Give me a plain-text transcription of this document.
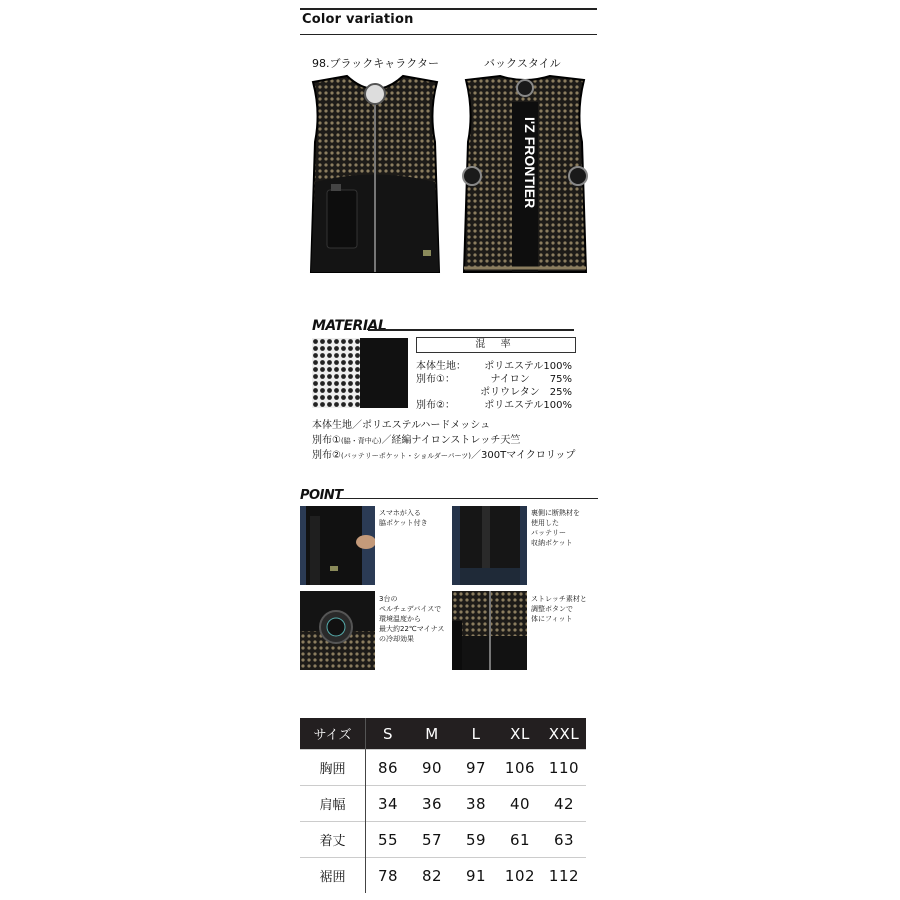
Color variation
98.ブラックキャラクター	バックスタイル
I'Z FRONTIER
MATERIAL
混 率
本体生地：	ポリエステル100%
別布①：	ナイロン　　75%
ポリウレタン　25%
別布②：	ポリエステル100%
本体生地／ポリエステルハードメッシュ
別布①(脇・背中心)／経編ナイロンストレッチ天竺
別布②(バッテリーポケット・ショルダーパーツ)／300Tマイクロリップ
POINT
スマホが入る
脇ポケット付き
裏側に断熱材を
使用した
バッテリー
収納ポケット
3台の
ペルチェデバイスで
環境温度から
最大約22℃マイナス
の冷却効果
ストレッチ素材と
調整ボタンで
体にフィット
サイズ	S	M	L	XL	XXL
胸囲	86	90	97	106	110
肩幅	34	36	38	40	42
着丈	55	57	59	61	63
裾囲	78	82	91	102	112
